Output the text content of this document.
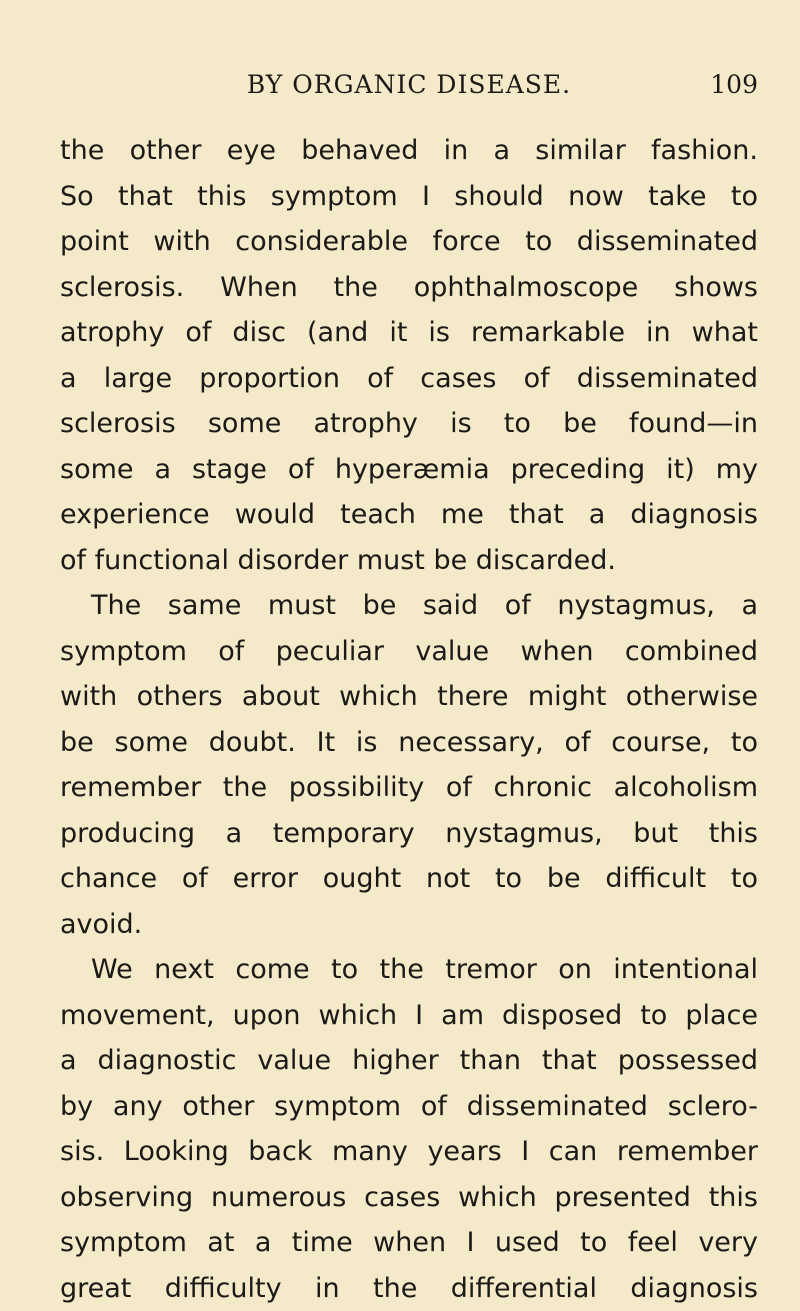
BY ORGANIC DISEASE.	109
the other eye behaved in a similar fashion.
So that this symptom I should now take to
point with considerable force to disseminated
sclerosis. When the ophthalmoscope shows
atrophy of disc (and it is remarkable in what
a large proportion of cases of disseminated
sclerosis some atrophy is to be found—in
some a stage of hyperæmia preceding it) my
experience would teach me that a diagnosis
of functional disorder must be discarded.
The same must be said of nystagmus, a
symptom of peculiar value when combined
with others about which there might otherwise
be some doubt. It is necessary, of course, to
remember the possibility of chronic alcoholism
producing a temporary nystagmus, but this
chance of error ought not to be difficult to
avoid.
We next come to the tremor on intentional
movement, upon which I am disposed to place
a diagnostic value higher than that possessed
by any other symptom of disseminated sclero-
sis. Looking back many years I can remember
observing numerous cases which presented this
symptom at a time when I used to feel very
great difficulty in the differential diagnosis
